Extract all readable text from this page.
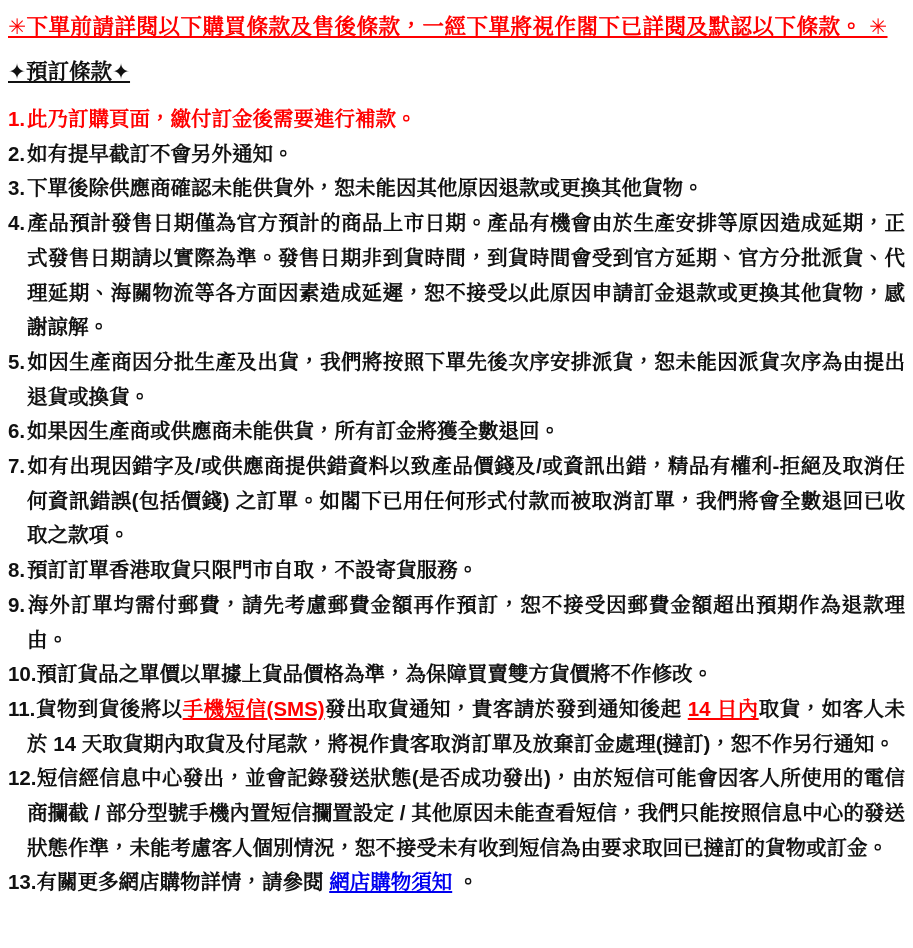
✳下單前請詳閱以下購買條款及售後條款，一經下單將視作閣下已詳閱及默認以下條款。 ✳
✦預訂條款✦
1.此乃訂購頁面，繳付訂金後需要進行補款。
2.如有提早截訂不會另外通知。
3.下單後除供應商確認未能供貨外，恕未能因其他原因退款或更換其他貨物。
4.產品預計發售日期僅為官方預計的商品上市日期。產品有機會由於生產安排等原因造成延期，正式發售日期請以實際為準。發售日期非到貨時間，到貨時間會受到官方延期、官方分批派貨、代理延期、海關物流等各方面因素造成延遲，恕不接受以此原因申請訂金退款或更換其他貨物，感謝諒解。
5.如因生產商因分批生產及出貨，我們將按照下單先後次序安排派貨，恕未能因派貨次序為由提出退貨或換貨。
6.如果因生產商或供應商未能供貨，所有訂金將獲全數退回。
7.如有出現因錯字及/或供應商提供錯資料以致產品價錢及/或資訊出錯，精品有權利-拒絕及取消任何資訊錯誤(包括價錢) 之訂單。如閣下已用任何形式付款而被取消訂單，我們將會全數退回已收取之款項。
8.預訂訂單香港取貨只限門市自取，不設寄貨服務。
9.海外訂單均需付郵費，請先考慮郵費金額再作預訂，恕不接受因郵費金額超出預期作為退款理由。
10.預訂貨品之單價以單據上貨品價格為準，為保障買賣雙方貨價將不作修改。
11.貨物到貨後將以手機短信(SMS)發出取貨通知，貴客請於發到通知後起 14 日內取貨，如客人未於 14 天取貨期內取貨及付尾款，將視作貴客取消訂單及放棄訂金處理(撻訂)，恕不作另行通知。
12.短信經信息中心發出，並會記錄發送狀態(是否成功發出)，由於短信可能會因客人所使用的電信商攔截 / 部分型號手機內置短信攔置設定 / 其他原因未能查看短信，我們只能按照信息中心的發送狀態作準，未能考慮客人個別情況，恕不接受未有收到短信為由要求取回已撻訂的貨物或訂金。
13.有關更多網店購物詳情，請參閱 網店購物須知 。
